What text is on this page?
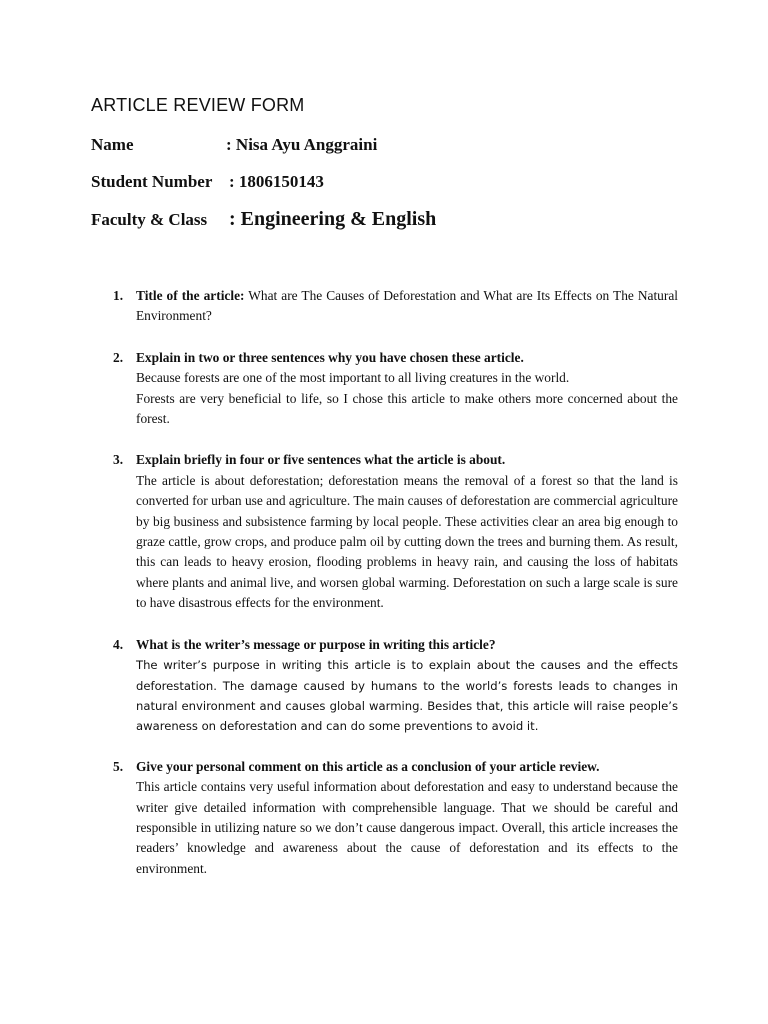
ARTICLE REVIEW FORM
Name	: Nisa Ayu Anggraini
Student Number : 1806150143
Faculty & Class : Engineering & English
1. Title of the article: What are The Causes of Deforestation and What are Its Effects on The Natural Environment?
2. Explain in two or three sentences why you have chosen these article.
Because forests are one of the most important to all living creatures in the world.
Forests are very beneficial to life, so I chose this article to make others more concerned about the forest.
3. Explain briefly in four or five sentences what the article is about.
The article is about deforestation; deforestation means the removal of a forest so that the land is converted for urban use and agriculture. The main causes of deforestation are commercial agriculture by big business and subsistence farming by local people. These activities clear an area big enough to graze cattle, grow crops, and produce palm oil by cutting down the trees and burning them. As result, this can leads to heavy erosion, flooding problems in heavy rain, and causing the loss of habitats where plants and animal live, and worsen global warming. Deforestation on such a large scale is sure to have disastrous effects for the environment.
4. What is the writer’s message or purpose in writing this article?
The writer’s purpose in writing this article is to explain about the causes and the effects deforestation. The damage caused by humans to the world’s forests leads to changes in natural environment and causes global warming. Besides that, this article will raise people’s awareness on deforestation and can do some preventions to avoid it.
5. Give your personal comment on this article as a conclusion of your article review.
This article contains very useful information about deforestation and easy to understand because the writer give detailed information with comprehensible language. That we should be careful and responsible in utilizing nature so we don’t cause dangerous impact. Overall, this article increases the readers’ knowledge and awareness about the cause of deforestation and its effects to the environment.
